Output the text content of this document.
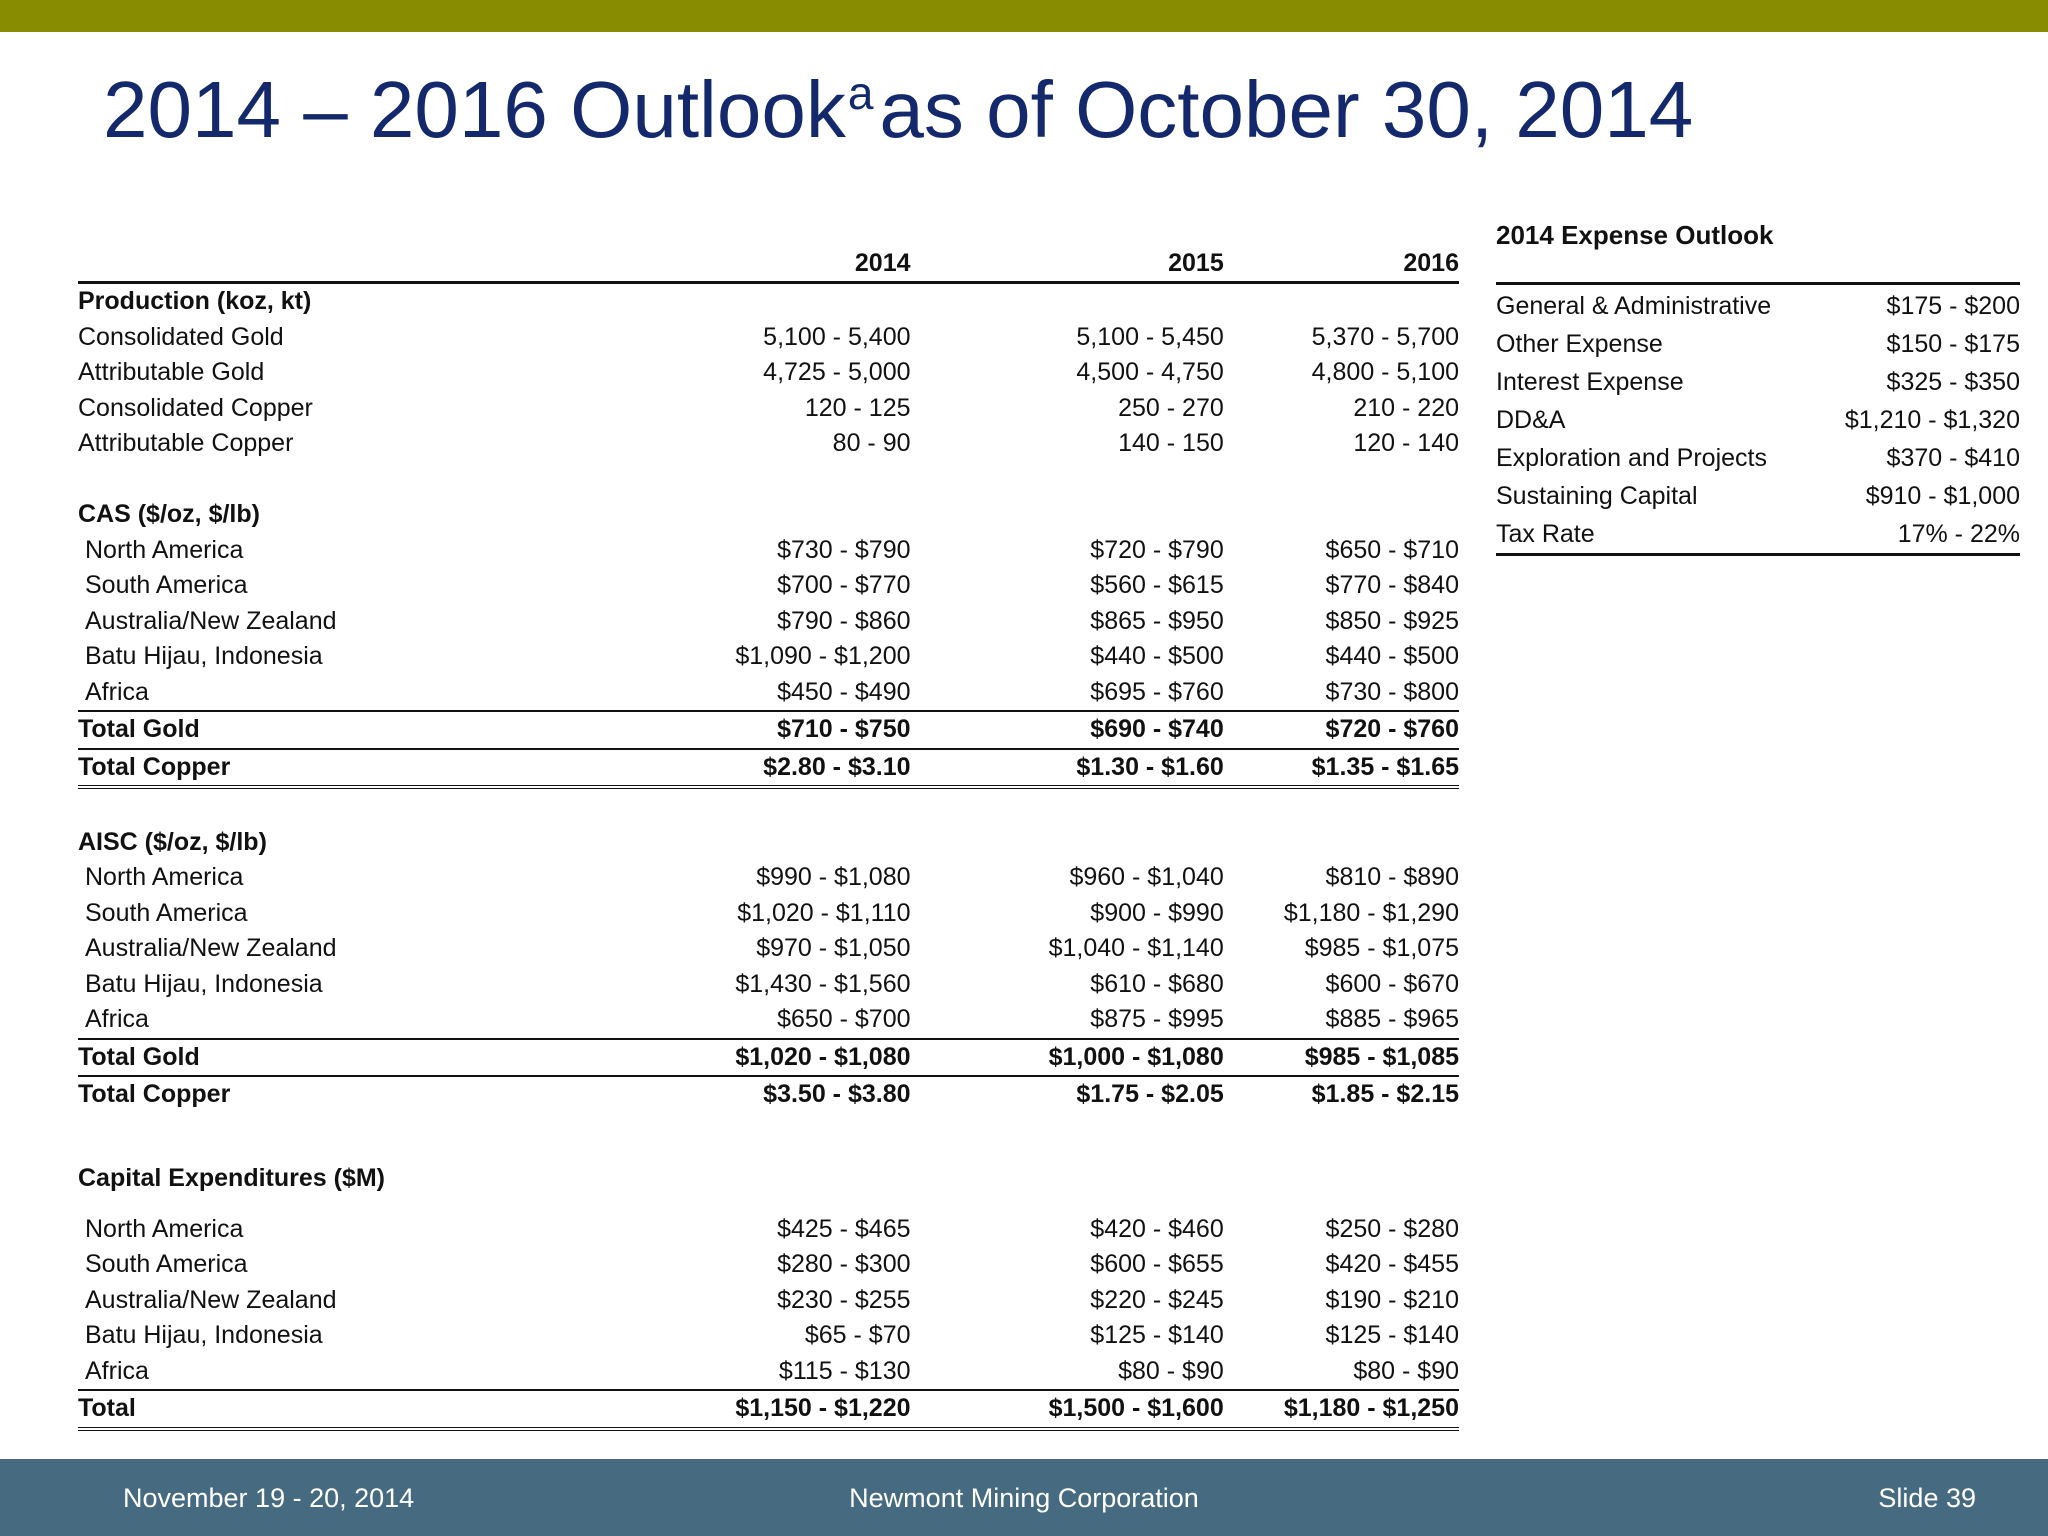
2014 – 2016 Outlook$^a$as of October 30, 2014
	2014	2015	2016
Production (koz, kt)			
Consolidated Gold	5,100 - 5,400	5,100 - 5,450	5,370 - 5,700
Attributable Gold	4,725 - 5,000	4,500 - 4,750	4,800 - 5,100
Consolidated Copper	120 - 125	250 - 270	210 - 220
Attributable Copper	80 - 90	140 - 150	120 - 140

CAS ($/oz, $/lb)			
North America	$730 - $790	$720 - $790	$650 - $710
South America	$700 - $770	$560 - $615	$770 - $840
Australia/New Zealand	$790 - $860	$865 - $950	$850 - $925
Batu Hijau, Indonesia	$1,090 - $1,200	$440 - $500	$440 - $500
Africa	$450 - $490	$695 - $760	$730 - $800
Total Gold	$710 - $750	$690 - $740	$720 - $760
Total Copper	$2.80 - $3.10	$1.30 - $1.60	$1.35 - $1.65

AISC ($/oz, $/lb)			
North America	$990 - $1,080	$960 - $1,040	$810 - $890
South America	$1,020 - $1,110	$900 - $990	$1,180 - $1,290
Australia/New Zealand	$970 - $1,050	$1,040 - $1,140	$985 - $1,075
Batu Hijau, Indonesia	$1,430 - $1,560	$610 - $680	$600 - $670
Africa	$650 - $700	$875 - $995	$885 - $965
Total Gold	$1,020 - $1,080	$1,000 - $1,080	$985 - $1,085
Total Copper	$3.50 - $3.80	$1.75 - $2.05	$1.85 - $2.15

Capital Expenditures ($M)			
North America	$425 - $465	$420 - $460	$250 - $280
South America	$280 - $300	$600 - $655	$420 - $455
Australia/New Zealand	$230 - $255	$220 - $245	$190 - $210
Batu Hijau, Indonesia	$65 - $70	$125 - $140	$125 - $140
Africa	$115 - $130	$80 - $90	$80 - $90
Total	$1,150 - $1,220	$1,500 - $1,600	$1,180 - $1,250
2014 Expense Outlook
General & Administrative	$175 - $200
Other Expense	$150 - $175
Interest Expense	$325 - $350
DD&A	$1,210 - $1,320
Exploration and Projects	$370 - $410
Sustaining Capital	$910 - $1,000
Tax Rate	17% - 22%
November 19 - 20, 2014	Newmont Mining Corporation	Slide 39
